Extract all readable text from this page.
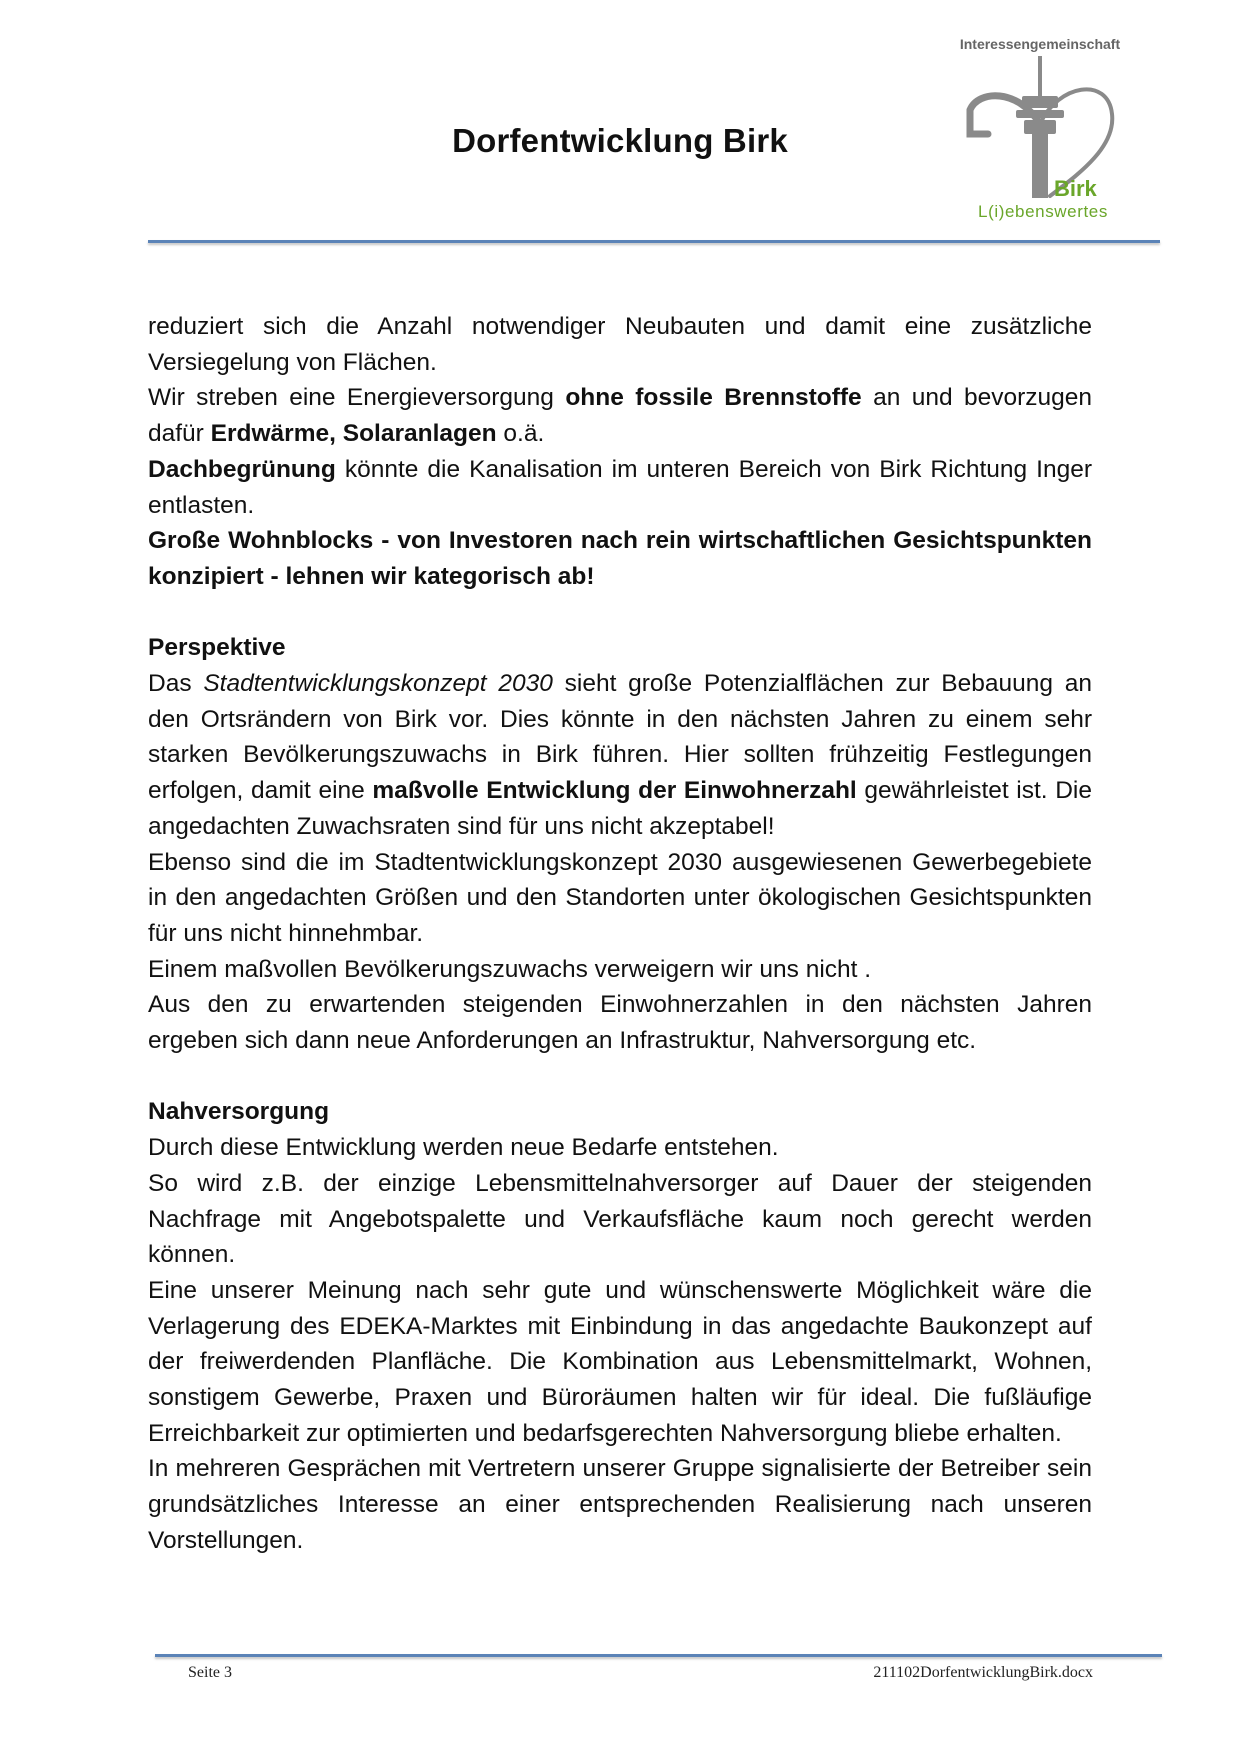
Dorfentwicklung Birk
Interessengemeinschaft
Birk
L(i)ebenswertes

reduziert sich die Anzahl notwendiger Neubauten und damit eine zusätzliche Versiegelung von Flächen.

Wir streben eine Energieversorgung ohne fossile Brennstoffe an und bevorzugen dafür Erdwärme, Solaranlagen o.ä.

Dachbegrünung könnte die Kanalisation im unteren Bereich von Birk Richtung Inger entlasten.

Große Wohnblocks - von Investoren nach rein wirtschaftlichen Gesichtspunkten konzipiert - lehnen wir kategorisch ab!

Perspektive

Das Stadtentwicklungskonzept 2030 sieht große Potenzialflächen zur Bebauung an den Ortsrändern von Birk vor. Dies könnte in den nächsten Jahren zu einem sehr starken Bevölkerungszuwachs in Birk führen. Hier sollten frühzeitig Festlegungen erfolgen, damit eine maßvolle Entwicklung der Einwohnerzahl gewährleistet ist. Die angedachten Zuwachsraten sind für uns nicht akzeptabel!

Ebenso sind die im Stadtentwicklungskonzept 2030 ausgewiesenen Gewerbegebiete in den angedachten Größen und den Standorten unter ökologischen Gesichtspunkten für uns nicht hinnehmbar.

Einem maßvollen Bevölkerungszuwachs verweigern wir uns nicht .

Aus den zu erwartenden steigenden Einwohnerzahlen in den nächsten Jahren ergeben sich dann neue Anforderungen an Infrastruktur, Nahversorgung etc.

Nahversorgung

Durch diese Entwicklung werden neue Bedarfe entstehen.

So wird z.B. der einzige Lebensmittelnahversorger auf Dauer der steigenden Nachfrage mit Angebotspalette und Verkaufsfläche kaum noch gerecht werden können.

Eine unserer Meinung nach sehr gute und wünschenswerte Möglichkeit wäre die Verlagerung des EDEKA-Marktes mit Einbindung in das angedachte Baukonzept auf der freiwerdenden Planfläche. Die Kombination aus Lebensmittelmarkt, Wohnen, sonstigem Gewerbe, Praxen und Büroräumen halten wir für ideal. Die fußläufige Erreichbarkeit zur optimierten und bedarfsgerechten Nahversorgung bliebe erhalten.

In mehreren Gesprächen mit Vertretern unserer Gruppe signalisierte der Betreiber sein grundsätzliches Interesse an einer entsprechenden Realisierung nach unseren Vorstellungen.

Seite 3	211102DorfentwicklungBirk.docx
